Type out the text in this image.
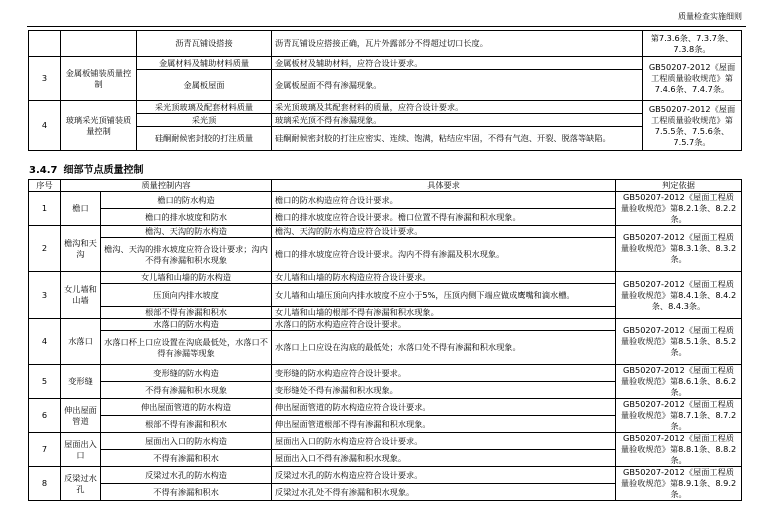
质量检查实施细则
		沥青瓦铺设搭接	沥青瓦铺设应搭接正确，瓦片外露部分不得超过切口长度。	第7.3.6条、7.3.7条、7.3.8条。
3	金属板铺装质量控制	金属材料及辅助材料质量	金属板材及辅助材料，应符合设计要求。	GB50207-2012《屋面工程质量验收规范》第7.4.6条、7.4.7条。
		金属板屋面	金属板屋面不得有渗漏现象。	
4	玻璃采光顶铺装质量控制	采光顶玻璃及配套材料质量	采光顶玻璃及其配套材料的质量，应符合设计要求。	GB50207-2012《屋面工程质量验收规范》第7.5.5条、7.5.6条、7.5.7条。
		采光顶	玻璃采光顶不得有渗漏现象。	
		硅酮耐候密封胶的打注质量	硅酮耐候密封胶的打注应密实、连续、饱满，粘结应牢固，不得有气泡、开裂、脱落等缺陷。	
3.4.7 细部节点质量控制
序号	质量控制内容		具体要求	判定依据
1	檐口	檐口的防水构造	檐口的防水构造应符合设计要求。	GB50207-2012《屋面工程质量验收规范》第8.2.1条、8.2.2条。
		檐口的排水坡度和防水	檐口的排水坡度应符合设计要求。檐口位置不得有渗漏和积水现象。	
2	檐沟和天沟	檐沟、天沟的防水构造	檐沟、天沟的防水构造应符合设计要求。	GB50207-2012《屋面工程质量验收规范》第8.3.1条、8.3.2条。
		檐沟、天沟的排水坡度应符合设计要求；沟内不得有渗漏和积水现象	檐口的排水坡度应符合设计要求。沟内不得有渗漏及积水现象。	
3	女儿墙和山墙	女儿墙和山墙的防水构造	女儿墙和山墙的防水构造应符合设计要求。	GB50207-2012《屋面工程质量验收规范》第8.4.1条、8.4.2条、8.4.3条。
		压顶向内排水坡度	女儿墙和山墙压顶向内排水坡度不应小于5%，压顶内侧下端应做成鹰嘴和滴水槽。	
		根部不得有渗漏和积水	女儿墙和山墙的根部不得有渗漏和积水现象。	
4	水落口	水落口的防水构造	水落口的防水构造应符合设计要求。	GB50207-2012《屋面工程质量验收规范》第8.5.1条、8.5.2条。
		水落口杯上口应设置在沟底最低处，水落口不得有渗漏等现象	水落口上口应设在沟底的最低处；水落口处不得有渗漏和积水现象。	
5	变形缝	变形缝的防水构造	变形缝的防水构造应符合设计要求。	GB50207-2012《屋面工程质量验收规范》第8.6.1条、8.6.2条。
		不得有渗漏和积水现象	变形缝处不得有渗漏和积水现象。	
6	伸出屋面管道	伸出屋面管道的防水构造	伸出屋面管道的防水构造应符合设计要求。	GB50207-2012《屋面工程质量验收规范》第8.7.1条、8.7.2条。
		根部不得有渗漏和积水	伸出屋面管道根部不得有渗漏和积水现象。	
7	屋面出入口	屋面出入口的防水构造	屋面出入口的防水构造应符合设计要求。	GB50207-2012《屋面工程质量验收规范》第8.8.1条、8.8.2条。
		不得有渗漏和积水	屋面出入口不得有渗漏和积水现象。	
8	反梁过水孔	反梁过水孔的防水构造	反梁过水孔的防水构造应符合设计要求。	GB50207-2012《屋面工程质量验收规范》第8.9.1条、8.9.2条。
		不得有渗漏和积水	反梁过水孔处不得有渗漏和积水现象。	
